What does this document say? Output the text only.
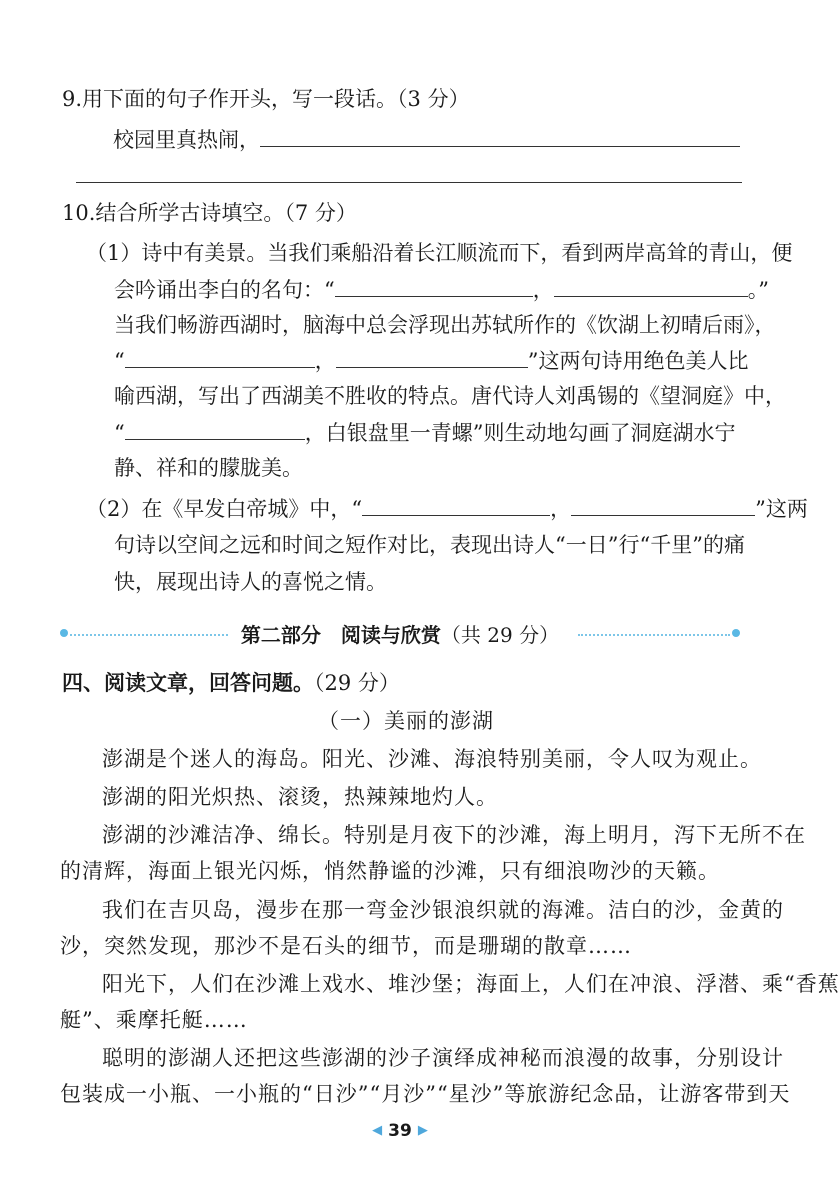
9.用下面的句子作开头，写一段话。（3 分）
校园里真热闹，
10.结合所学古诗填空。（7 分）
（1）诗中有美景。当我们乘船沿着长江顺流而下，看到两岸高耸的青山，便
会吟诵出李白的名句：“	，	。”
当我们畅游西湖时，脑海中总会浮现出苏轼所作的《饮湖上初晴后雨》，
“	，	”这两句诗用绝色美人比
喻西湖，写出了西湖美不胜收的特点。唐代诗人刘禹锡的《望洞庭》中，
“	，白银盘里一青螺”则生动地勾画了洞庭湖水宁
静、祥和的朦胧美。
（2）在《早发白帝城》中，“	，	”这两
句诗以空间之远和时间之短作对比，表现出诗人“一日”行“千里”的痛
快，展现出诗人的喜悦之情。
第二部分　阅读与欣赏（共 29 分）
四、阅读文章，回答问题。（29 分）
（一）美丽的澎湖
澎湖是个迷人的海岛。阳光、沙滩、海浪特别美丽，令人叹为观止。
澎湖的阳光炽热、滚烫，热辣辣地灼人。
澎湖的沙滩洁净、绵长。特别是月夜下的沙滩，海上明月，泻下无所不在
的清辉，海面上银光闪烁，悄然静谧的沙滩，只有细浪吻沙的天籁。
我们在吉贝岛，漫步在那一弯金沙银浪织就的海滩。洁白的沙，金黄的
沙，突然发现，那沙不是石头的细节，而是珊瑚的散章……
阳光下，人们在沙滩上戏水、堆沙堡；海面上，人们在冲浪、浮潜、乘“香蕉
艇”、乘摩托艇……
聪明的澎湖人还把这些澎湖的沙子演绎成神秘而浪漫的故事，分别设计
包装成一小瓶、一小瓶的“日沙”“月沙”“星沙”等旅游纪念品，让游客带到天
◀ 39 ▶
